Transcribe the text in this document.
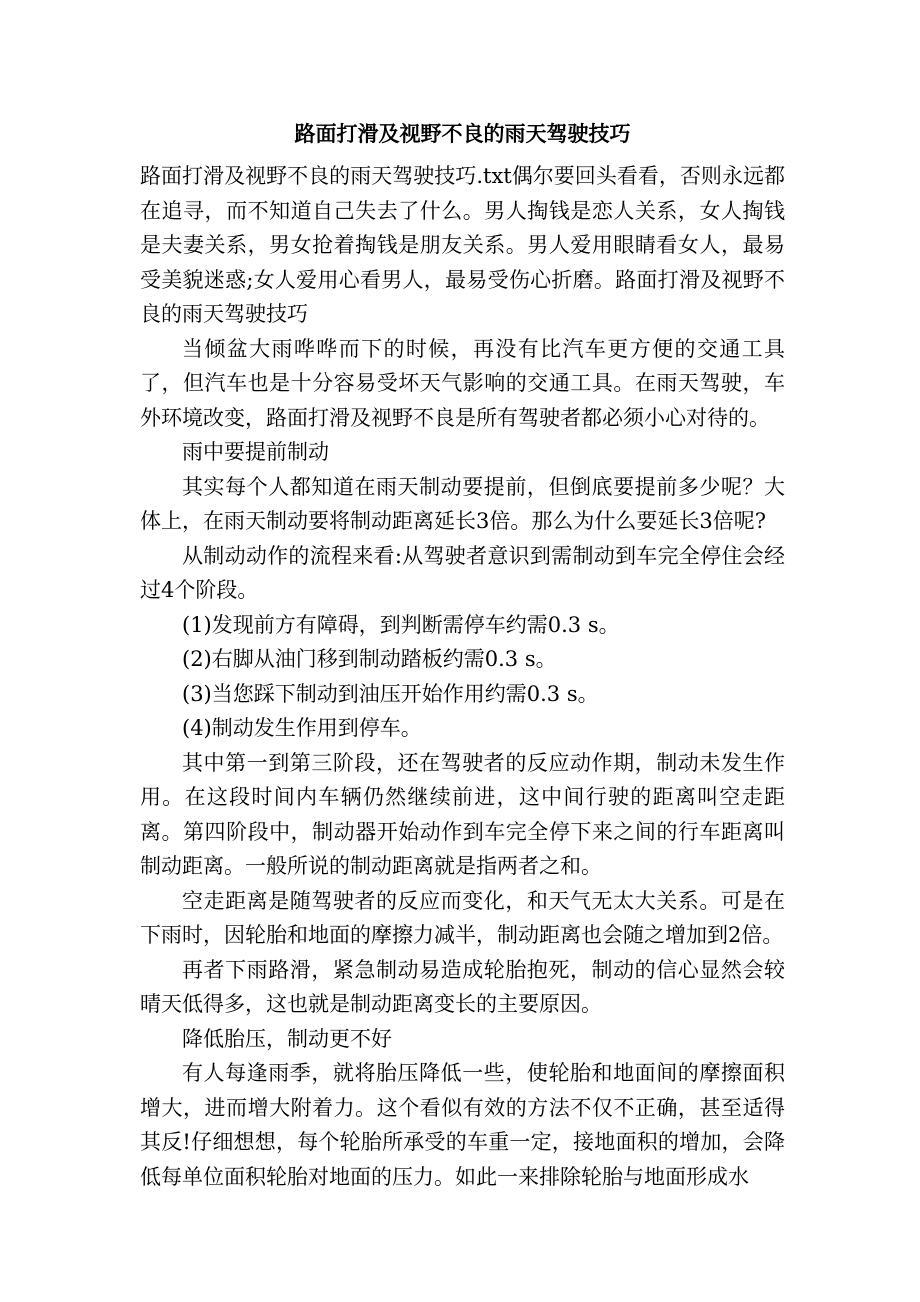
路面打滑及视野不良的雨天驾驶技巧

路面打滑及视野不良的雨天驾驶技巧.txt偶尔要回头看看，否则永远都在追寻，而不知道自己失去了什么。男人掏钱是恋人关系，女人掏钱是夫妻关系，男女抢着掏钱是朋友关系。男人爱用眼睛看女人，最易受美貌迷惑;女人爱用心看男人，最易受伤心折磨。路面打滑及视野不良的雨天驾驶技巧

当倾盆大雨哗哗而下的时候，再没有比汽车更方便的交通工具了，但汽车也是十分容易受坏天气影响的交通工具。在雨天驾驶，车外环境改变，路面打滑及视野不良是所有驾驶者都必须小心对待的。

雨中要提前制动

其实每个人都知道在雨天制动要提前，但倒底要提前多少呢？大体上，在雨天制动要将制动距离延长3倍。那么为什么要延长3倍呢?

从制动动作的流程来看:从驾驶者意识到需制动到车完全停住会经过4个阶段。

(1)发现前方有障碍，到判断需停车约需0.3 s。

(2)右脚从油门移到制动踏板约需0.3 s。

(3)当您踩下制动到油压开始作用约需0.3 s。

(4)制动发生作用到停车。

其中第一到第三阶段，还在驾驶者的反应动作期，制动未发生作用。在这段时间内车辆仍然继续前进，这中间行驶的距离叫空走距离。第四阶段中，制动器开始动作到车完全停下来之间的行车距离叫制动距离。一般所说的制动距离就是指两者之和。

空走距离是随驾驶者的反应而变化，和天气无太大关系。可是在下雨时，因轮胎和地面的摩擦力减半，制动距离也会随之增加到2倍。

再者下雨路滑，紧急制动易造成轮胎抱死，制动的信心显然会较晴天低得多，这也就是制动距离变长的主要原因。

降低胎压，制动更不好

有人每逢雨季，就将胎压降低一些，使轮胎和地面间的摩擦面积增大，进而增大附着力。这个看似有效的方法不仅不正确，甚至适得其反!仔细想想，每个轮胎所承受的车重一定，接地面积的增加，会降低每单位面积轮胎对地面的压力。如此一来排除轮胎与地面形成水
